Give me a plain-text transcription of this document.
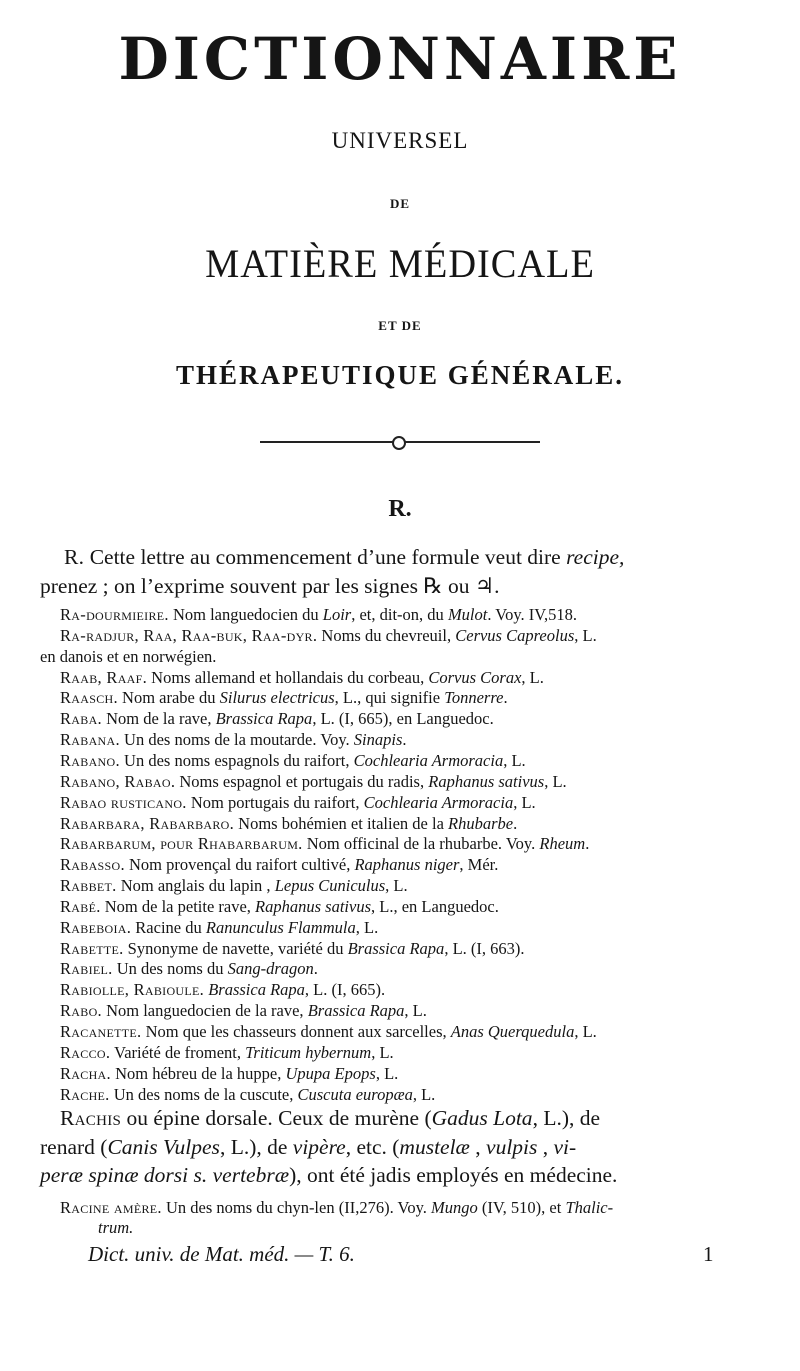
DICTIONNAIRE
UNIVERSEL
DE
MATIÈRE MÉDICALE
ET DE
THÉRAPEUTIQUE GÉNÉRALE.
R.
R. Cette lettre au commencement d’une formule veut dire recipe,
prenez ; on l’exprime souvent par les signes ℞ ou ♃.
Ra-dourmieire. Nom languedocien du Loir, et, dit-on, du Mulot. Voy. IV,518.
Ra-radjur, Raa, Raa-buk, Raa-dyr. Noms du chevreuil, Cervus Capreolus, L.
en danois et en norwégien.
Raab, Raaf. Noms allemand et hollandais du corbeau, Corvus Corax, L.
Raasch. Nom arabe du Silurus electricus, L., qui signifie Tonnerre.
Raba. Nom de la rave, Brassica Rapa, L. (I, 665), en Languedoc.
Rabana. Un des noms de la moutarde. Voy. Sinapis.
Rabano. Un des noms espagnols du raifort, Cochlearia Armoracia, L.
Rabano, Rabao. Noms espagnol et portugais du radis, Raphanus sativus, L.
Rabao rusticano. Nom portugais du raifort, Cochlearia Armoracia, L.
Rabarbara, Rabarbaro. Noms bohémien et italien de la Rhubarbe.
Rabarbarum, pour Rhabarbarum. Nom officinal de la rhubarbe. Voy. Rheum.
Rabasso. Nom provençal du raifort cultivé, Raphanus niger, Mér.
Rabbet. Nom anglais du lapin , Lepus Cuniculus, L.
Rabé. Nom de la petite rave, Raphanus sativus, L., en Languedoc.
Rabeboia. Racine du Ranunculus Flammula, L.
Rabette. Synonyme de navette, variété du Brassica Rapa, L. (I, 663).
Rabiel. Un des noms du Sang-dragon.
Rabiolle, Rabioule. Brassica Rapa, L. (I, 665).
Rabo. Nom languedocien de la rave, Brassica Rapa, L.
Racanette. Nom que les chasseurs donnent aux sarcelles, Anas Querquedula, L.
Racco. Variété de froment, Triticum hybernum, L.
Racha. Nom hébreu de la huppe, Upupa Epops, L.
Rache. Un des noms de la cuscute, Cuscuta europæa, L.
Rachis ou épine dorsale. Ceux de murène (Gadus Lota, L.), de
renard (Canis Vulpes, L.), de vipère, etc. (mustelæ , vulpis , vi-
peræ spinæ dorsi s. vertebræ), ont été jadis employés en médecine.
Racine amère. Un des noms du chyn-len (II,276). Voy. Mungo (IV, 510), et Thalic-
trum.
Dict. univ. de Mat. méd. — T. 6.	1
